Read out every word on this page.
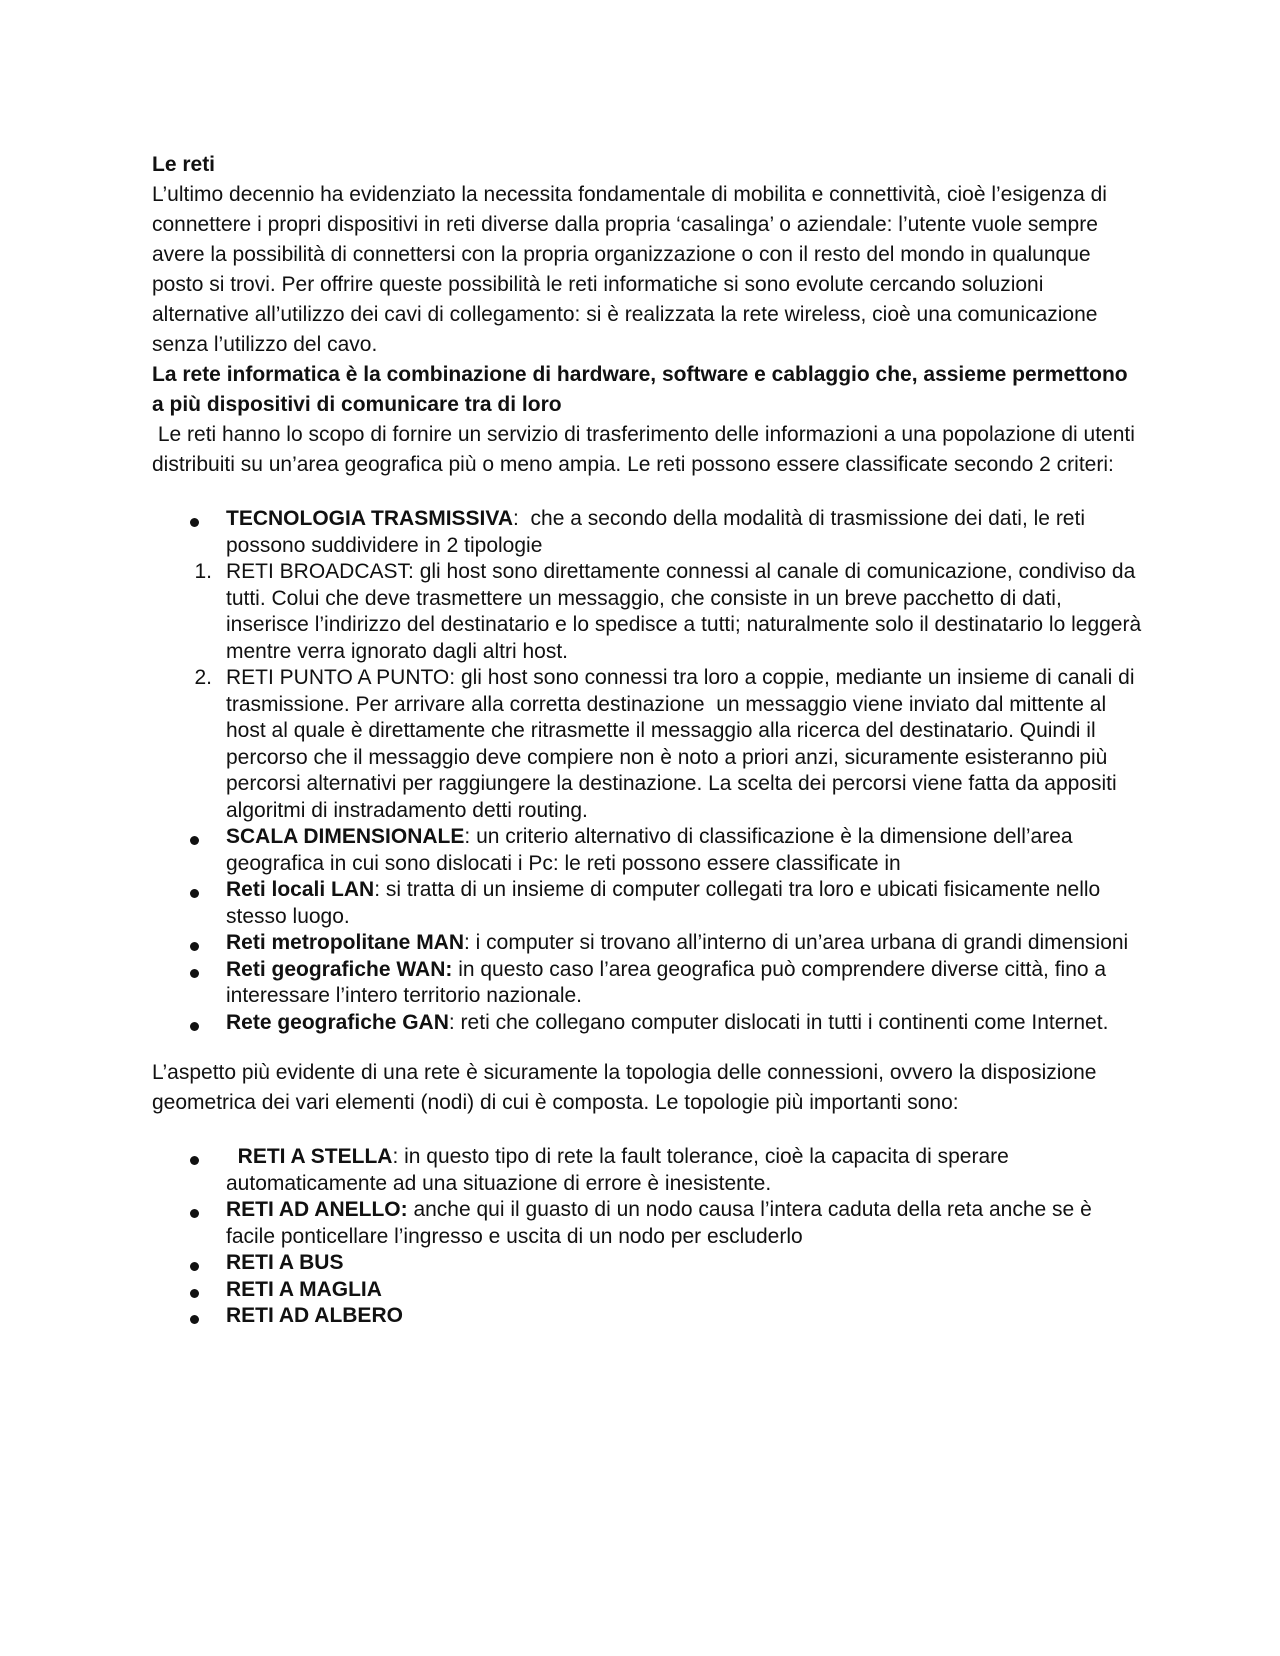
Le reti

L’ultimo decennio ha evidenziato la necessita fondamentale di mobilita e connettività, cioè l’esigenza di connettere i propri dispositivi in reti diverse dalla propria ‘casalinga’ o aziendale: l’utente vuole sempre avere la possibilità di connettersi con la propria organizzazione o con il resto del mondo in qualunque posto si trovi. Per offrire queste possibilità le reti informatiche si sono evolute cercando soluzioni alternative all’utilizzo dei cavi di collegamento: si è realizzata la rete wireless, cioè una comunicazione senza l’utilizzo del cavo.

La rete informatica è la combinazione di hardware, software e cablaggio che, assieme permettono a più dispositivi di comunicare tra di loro

Le reti hanno lo scopo di fornire un servizio di trasferimento delle informazioni a una popolazione di utenti distribuiti su un’area geografica più o meno ampia. Le reti possono essere classificate secondo 2 criteri:

TECNOLOGIA TRASMISSIVA:  che a secondo della modalità di trasmissione dei dati, le reti possono suddividere in 2 tipologie
1. RETI BROADCAST: gli host sono direttamente connessi al canale di comunicazione, condiviso da tutti. Colui che deve trasmettere un messaggio, che consiste in un breve pacchetto di dati, inserisce l’indirizzo del destinatario e lo spedisce a tutti; naturalmente solo il destinatario lo leggerà mentre verra ignorato dagli altri host.
2. RETI PUNTO A PUNTO: gli host sono connessi tra loro a coppie, mediante un insieme di canali di trasmissione. Per arrivare alla corretta destinazione  un messaggio viene inviato dal mittente al host al quale è direttamente che ritrasmette il messaggio alla ricerca del destinatario. Quindi il percorso che il messaggio deve compiere non è noto a priori anzi, sicuramente esisteranno più percorsi alternativi per raggiungere la destinazione. La scelta dei percorsi viene fatta da appositi algoritmi di instradamento detti routing.
SCALA DIMENSIONALE: un criterio alternativo di classificazione è la dimensione dell’area geografica in cui sono dislocati i Pc: le reti possono essere classificate in
Reti locali LAN: si tratta di un insieme di computer collegati tra loro e ubicati fisicamente nello stesso luogo.
Reti metropolitane MAN: i computer si trovano all’interno di un’area urbana di grandi dimensioni
Reti geografiche WAN: in questo caso l’area geografica può comprendere diverse città, fino a interessare l’intero territorio nazionale.
Rete geografiche GAN: reti che collegano computer dislocati in tutti i continenti come Internet.

L’aspetto più evidente di una rete è sicuramente la topologia delle connessioni, ovvero la disposizione geometrica dei vari elementi (nodi) di cui è composta. Le topologie più importanti sono:

RETI A STELLA: in questo tipo di rete la fault tolerance, cioè la capacita di sperare automaticamente ad una situazione di errore è inesistente.
RETI AD ANELLO: anche qui il guasto di un nodo causa l’intera caduta della reta anche se è facile ponticellare l’ingresso e uscita di un nodo per escluderlo
RETI A BUS
RETI A MAGLIA
RETI AD ALBERO
